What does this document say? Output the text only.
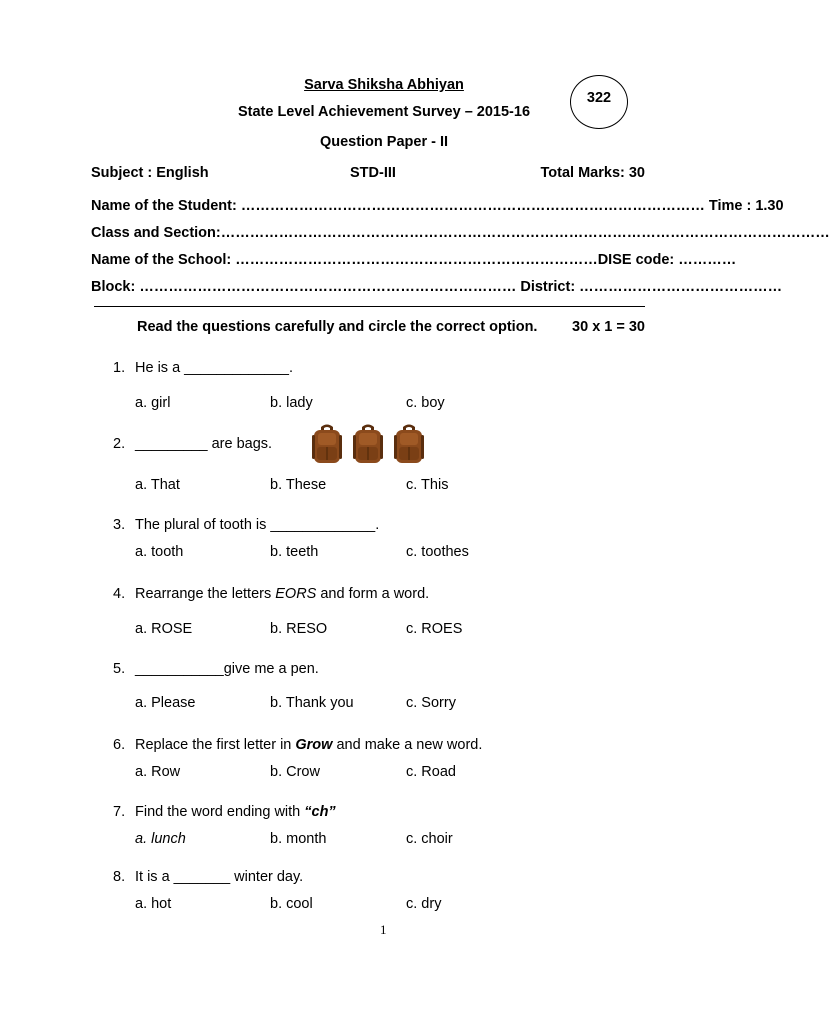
Sarva Shiksha Abhiyan
State Level Achievement Survey – 2015-16
Question Paper - II
322
Subject : English	STD-III	Total Marks: 30
Name of the Student: …………………………………………………………………………………… Time : 1.30
Class and Section:………………………………………………………………………………………………………………
Name of the School: …………………………………………………………………DISE code: …………
Block: …………………………………………………………………… District: ……………………………………
Read the questions carefully and circle the correct option. 30 x 1 = 30
1. He is a _____________.
a. girl	b. lady	c. boy
2. _________ are bags.
a. That	b. These	c. This
3. The plural of tooth is _____________.
a. tooth	b. teeth	c. toothes
4. Rearrange the letters EORS and form a word.
a. ROSE	b. RESO	c. ROES
5. ___________give me a pen.
a. Please	b. Thank you	c. Sorry
6. Replace the first letter in Grow and make a new word.
a. Row	b. Crow	c. Road
7. Find the word ending with “ch”
a. lunch	b. month	c. choir
8. It is a _______ winter day.
a. hot	b. cool	c. dry
1
